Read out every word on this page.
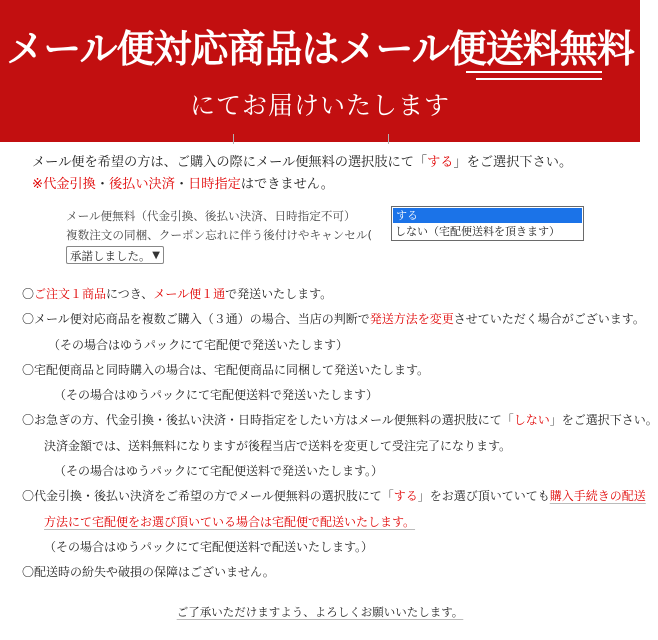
メール便対応商品はメール便送料無料
にてお届けいたします
メール便を希望の方は、ご購入の際にメール便無料の選択肢にて「する」をご選択下さい。
※代金引換・後払い決済・日時指定はできません。
メール便無料（代金引換、後払い決済、日時指定不可）
複数注文の同梱、クーポン忘れに伴う後付けやキャンセル(
承諾しました。 ▼
する
しない（宅配便送料を頂きます）
〇ご注文１商品につき、メール便１通で発送いたします。
〇メール便対応商品を複数ご購入（３通）の場合、当店の判断で発送方法を変更させていただく場合がございます。
（その場合はゆうパックにて宅配便で発送いたします）
〇宅配便商品と同時購入の場合は、宅配便商品に同梱して発送いたします。
（その場合はゆうパックにて宅配便送料で発送いたします）
〇お急ぎの方、代金引換・後払い決済・日時指定をしたい方はメール便無料の選択肢にて「しない」をご選択下さい。
決済金額では、送料無料になりますが後程当店で送料を変更して受注完了になります。
（その場合はゆうパックにて宅配便送料で発送いたします。）
〇代金引換・後払い決済をご希望の方でメール便無料の選択肢にて「する」をお選び頂いていても購入手続きの配送
方法にて宅配便をお選び頂いている場合は宅配便で配送いたします。
（その場合はゆうパックにて宅配便送料で配送いたします。）
〇配送時の紛失や破損の保障はございません。
ご了承いただけますよう、よろしくお願いいたします。
